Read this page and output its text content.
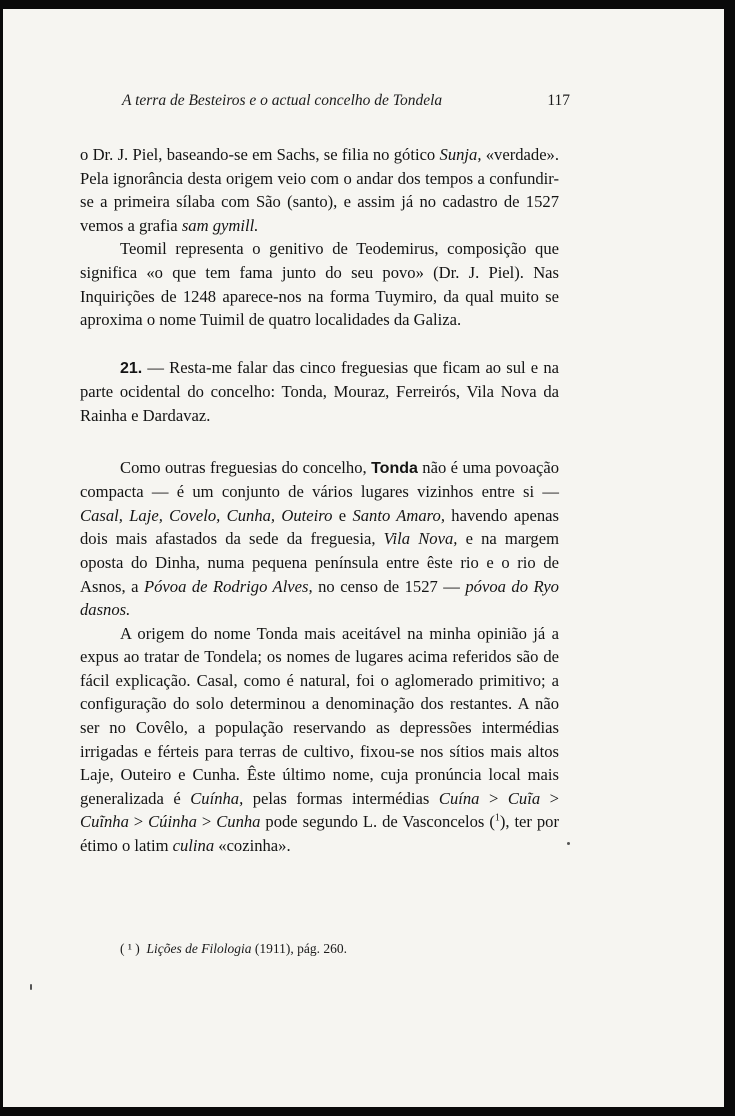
A terra de Besteiros e o actual concelho de Tondela	117

o Dr. J. Piel, baseando-se em Sachs, se filia no gótico Sunja, «verdade». Pela ignorância desta origem veio com o andar dos tempos a confundir-se a primeira sílaba com São (santo), e assim já no cadastro de 1527 vemos a grafia sam gymill.

Teomil representa o genitivo de Teodemirus, composição que significa «o que tem fama junto do seu povo» (Dr. J. Piel). Nas Inquirições de 1248 aparece-nos na forma Tuymiro, da qual muito se aproxima o nome Tuimil de quatro localidades da Galiza.

21. — Resta-me falar das cinco freguesias que ficam ao sul e na parte ocidental do concelho: Tonda, Mouraz, Ferreirós, Vila Nova da Rainha e Dardavaz.

Como outras freguesias do concelho, Tonda não é uma povoação compacta — é um conjunto de vários lugares vizinhos entre si — Casal, Laje, Covelo, Cunha, Outeiro e Santo Amaro, havendo apenas dois mais afastados da sede da freguesia, Vila Nova, e na margem oposta do Dinha, numa pequena península entre êste rio e o rio de Asnos, a Póvoa de Rodrigo Alves, no censo de 1527 — póvoa do Ryo dasnos.

A origem do nome Tonda mais aceitável na minha opinião já a expus ao tratar de Tondela; os nomes de lugares acima referidos são de fácil explicação. Casal, como é natural, foi o aglomerado primitivo; a configuração do solo determinou a denominação dos restantes. A não ser no Covêlo, a população reservando as depressões intermédias irrigadas e férteis para terras de cultivo, fixou-se nos sítios mais altos Laje, Outeiro e Cunha. Êste último nome, cuja pronúncia local mais generalizada é Cuínha, pelas formas intermédias Cuína > Cuĩa > Cuĩnha > Cúinha > Cunha pode segundo L. de Vasconcelos ($^1$), ter por étimo o latim culina «cozinha».

( ¹ ) Lições de Filologia (1911), pág. 260.
